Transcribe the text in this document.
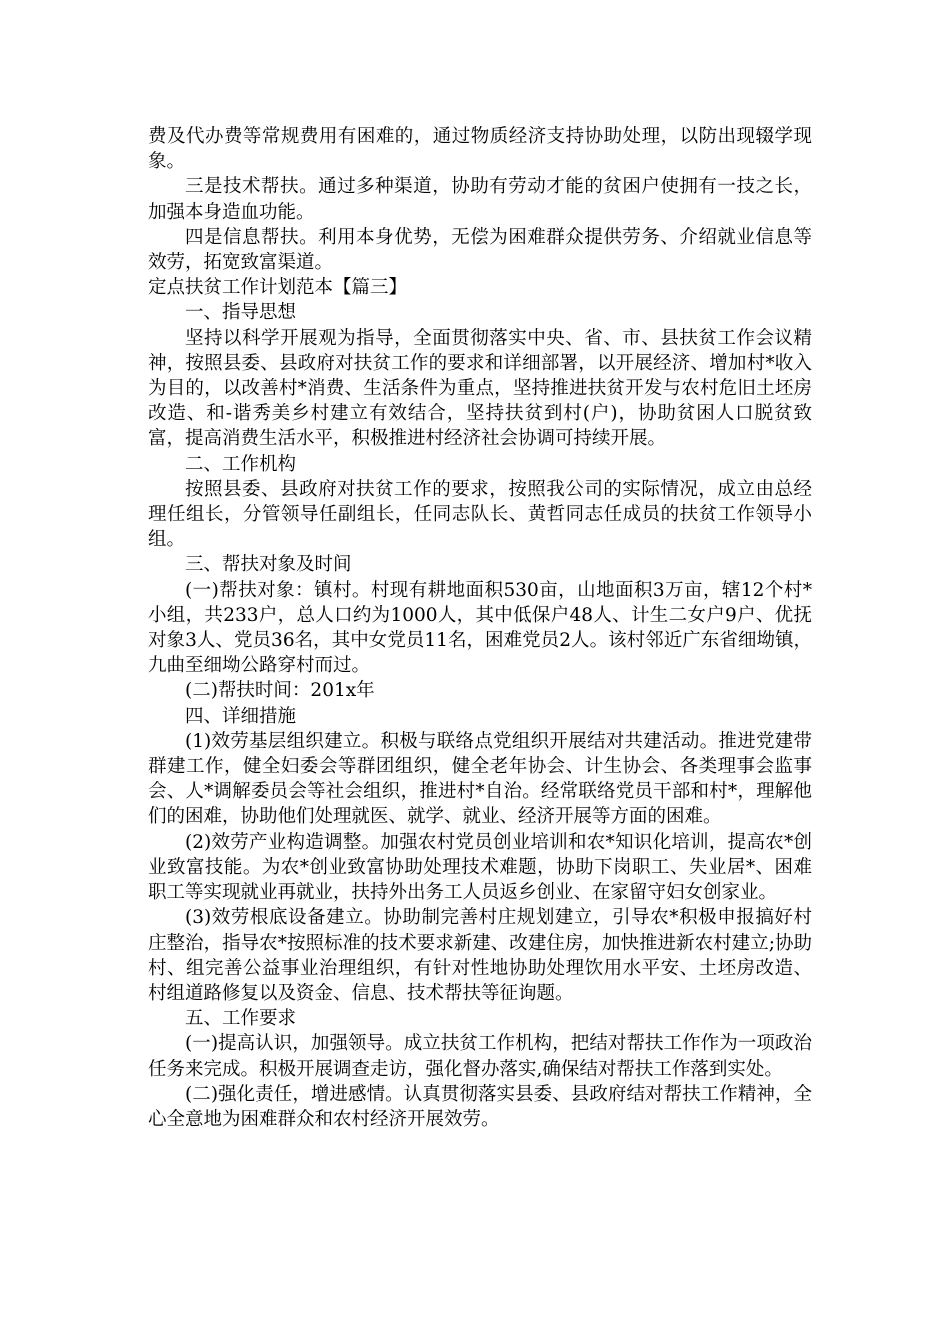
费及代办费等常规费用有困难的，通过物质经济支持协助处理，以防出现辍学现象。

三是技术帮扶。通过多种渠道，协助有劳动才能的贫困户使拥有一技之长，加强本身造血功能。

四是信息帮扶。利用本身优势，无偿为困难群众提供劳务、介绍就业信息等效劳，拓宽致富渠道。

定点扶贫工作计划范本【篇三】

一、指导思想

坚持以科学开展观为指导，全面贯彻落实中央、省、市、县扶贫工作会议精神，按照县委、县政府对扶贫工作的要求和详细部署，以开展经济、增加村*收入为目的，以改善村*消费、生活条件为重点，坚持推进扶贫开发与农村危旧土坯房改造、和-谐秀美乡村建立有效结合，坚持扶贫到村(户)，协助贫困人口脱贫致富，提高消费生活水平，积极推进村经济社会协调可持续开展。

二、工作机构

按照县委、县政府对扶贫工作的要求，按照我公司的实际情况，成立由总经理任组长，分管领导任副组长，任同志队长、黄哲同志任成员的扶贫工作领导小组。

三、帮扶对象及时间

(一)帮扶对象：镇村。村现有耕地面积530亩，山地面积3万亩，辖12个村*小组，共233户，总人口约为1000人，其中低保户48人、计生二女户9户、优抚对象3人、党员36名，其中女党员11名，困难党员2人。该村邻近广东省细坳镇，九曲至细坳公路穿村而过。

(二)帮扶时间：201x年

四、详细措施

(1)效劳基层组织建立。积极与联络点党组织开展结对共建活动。推进党建带群建工作，健全妇委会等群团组织，健全老年协会、计生协会、各类理事会监事会、人*调解委员会等社会组织，推进村*自治。经常联络党员干部和村*，理解他们的困难，协助他们处理就医、就学、就业、经济开展等方面的困难。

(2)效劳产业构造调整。加强农村党员创业培训和农*知识化培训，提高农*创业致富技能。为农*创业致富协助处理技术难题，协助下岗职工、失业居*、困难职工等实现就业再就业，扶持外出务工人员返乡创业、在家留守妇女创家业。

(3)效劳根底设备建立。协助制完善村庄规划建立，引导农*积极申报搞好村庄整治，指导农*按照标准的技术要求新建、改建住房，加快推进新农村建立;协助村、组完善公益事业治理组织，有针对性地协助处理饮用水平安、土坯房改造、村组道路修复以及资金、信息、技术帮扶等征询题。

五、工作要求

(一)提高认识，加强领导。成立扶贫工作机构，把结对帮扶工作作为一项政治任务来完成。积极开展调查走访，强化督办落实,确保结对帮扶工作落到实处。

(二)强化责任，增进感情。认真贯彻落实县委、县政府结对帮扶工作精神，全心全意地为困难群众和农村经济开展效劳。
